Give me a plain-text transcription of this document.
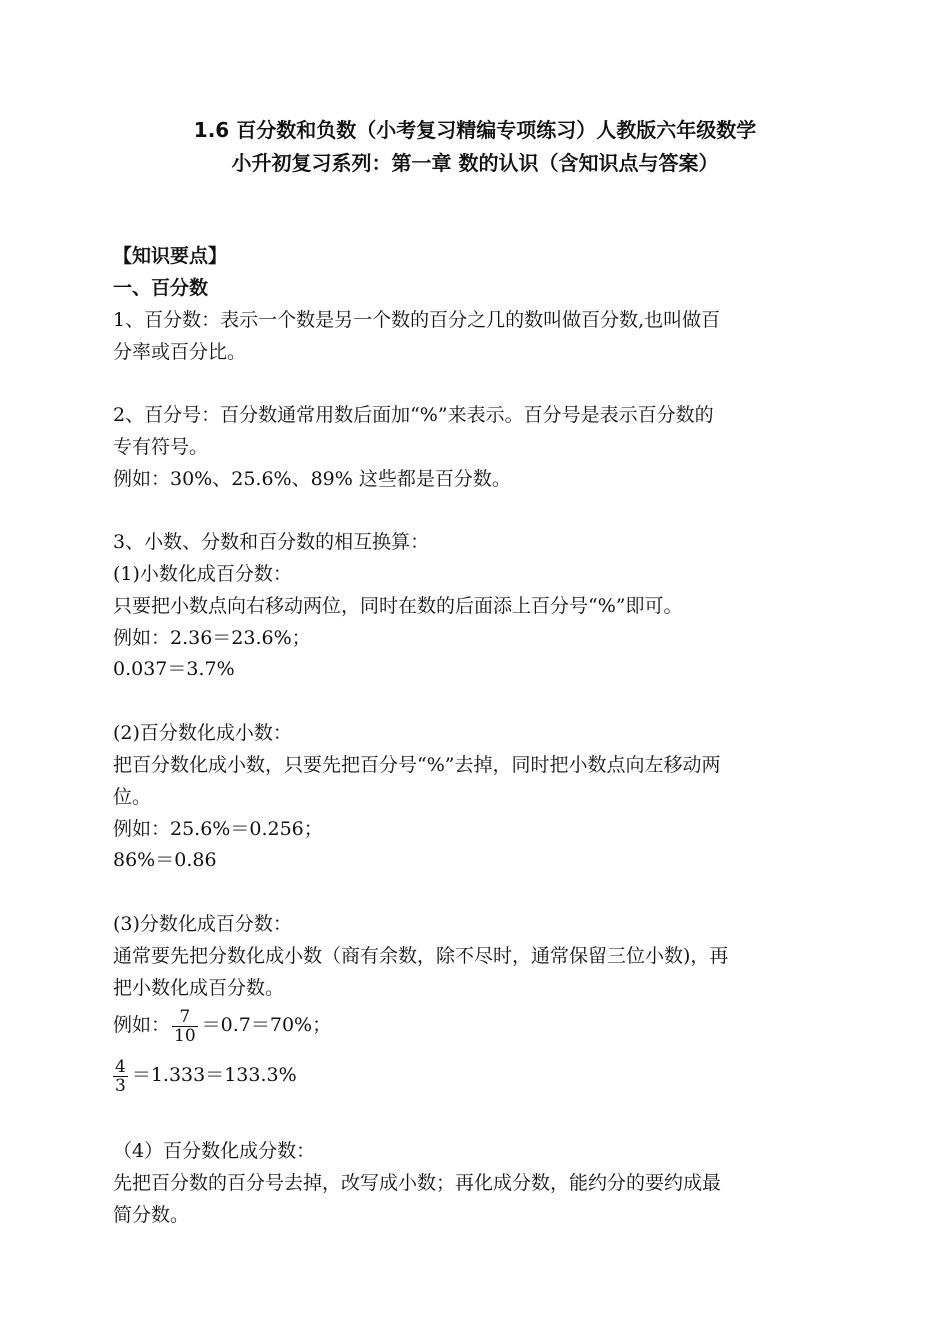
1.6 百分数和负数（小考复习精编专项练习）人教版六年级数学
小升初复习系列：第一章 数的认识（含知识点与答案）
【知识要点】
一、百分数
1、百分数：表示一个数是另一个数的百分之几的数叫做百分数,也叫做百
分率或百分比。
2、百分号：百分数通常用数后面加“%”来表示。百分号是表示百分数的
专有符号。
例如：30%、25.6%、89% 这些都是百分数。
3、小数、分数和百分数的相互换算：
(1)小数化成百分数：
只要把小数点向右移动两位，同时在数的后面添上百分号“%”即可。
例如：2.36＝23.6%；
0.037＝3.7%
(2)百分数化成小数：
把百分数化成小数，只要先把百分号“%”去掉，同时把小数点向左移动两
位。
例如：25.6%＝0.256；
86%＝0.86
(3)分数化成百分数：
通常要先把分数化成小数（商有余数，除不尽时，通常保留三位小数)，再
把小数化成百分数。
例如： $\frac{7}{10} =0.7=70\%$；
$\frac{4}{3} =1.333=133.3\%$
（4）百分数化成分数：
先把百分数的百分号去掉，改写成小数；再化成分数，能约分的要约成最
简分数。
